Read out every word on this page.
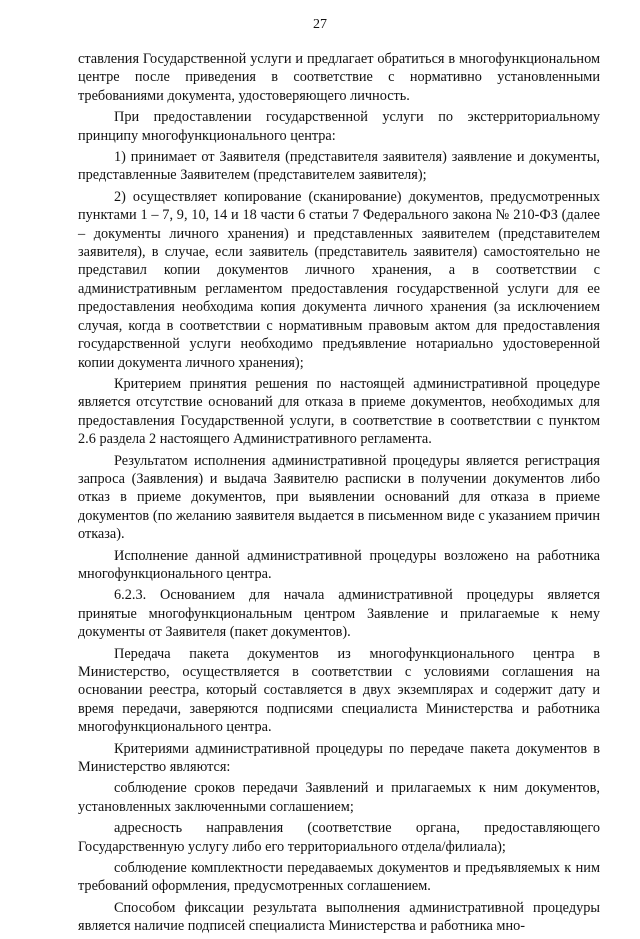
27

ставления Государственной услуги и предлагает обратиться в многофункциональном центре после приведения в соответствие с нормативно установленными требованиями документа, удостоверяющего личность.

При предоставлении государственной услуги по экстерриториальному принципу многофункционального центра:

1) принимает от Заявителя (представителя заявителя) заявление и документы, представленные Заявителем (представителем заявителя);

2) осуществляет копирование (сканирование) документов, предусмотренных пунктами 1 – 7, 9, 10, 14 и 18 части 6 статьи 7 Федерального закона № 210-ФЗ (далее – документы личного хранения) и представленных заявителем (представителем заявителя), в случае, если заявитель (представитель заявителя) самостоятельно не представил копии документов личного хранения, а в соответствии с административным регламентом предоставления государственной услуги для ее предоставления необходима копия документа личного хранения (за исключением случая, когда в соответствии с нормативным правовым актом для предоставления государственной услуги необходимо предъявление нотариально удостоверенной копии документа личного хранения);

Критерием принятия решения по настоящей административной процедуре является отсутствие оснований для отказа в приеме документов, необходимых для предоставления Государственной услуги, в соответствие в соответствии с пунктом 2.6 раздела 2 настоящего Административного регламента.

Результатом исполнения административной процедуры является регистрация запроса (Заявления) и выдача Заявителю расписки в получении документов либо отказ в приеме документов, при выявлении оснований для отказа в приеме документов (по желанию заявителя выдается в письменном виде с указанием причин отказа).

Исполнение данной административной процедуры возложено на работника многофункционального центра.

6.2.3. Основанием для начала административной процедуры является принятые многофункциональным центром Заявление и прилагаемые к нему документы от Заявителя (пакет документов).

Передача пакета документов из многофункционального центра в Министерство, осуществляется в соответствии с условиями соглашения на основании реестра, который составляется в двух экземплярах и содержит дату и время передачи, заверяются подписями специалиста Министерства и работника многофункционального центра.

Критериями административной процедуры по передаче пакета документов в Министерство являются:

соблюдение сроков передачи Заявлений и прилагаемых к ним документов, установленных заключенными соглашением;

адресность направления (соответствие органа, предоставляющего Государственную услугу либо его территориального отдела/филиала);

соблюдение комплектности передаваемых документов и предъявляемых к ним требований оформления, предусмотренных соглашением.

Способом фиксации результата выполнения административной процедуры является наличие подписей специалиста Министерства и работника мно-
